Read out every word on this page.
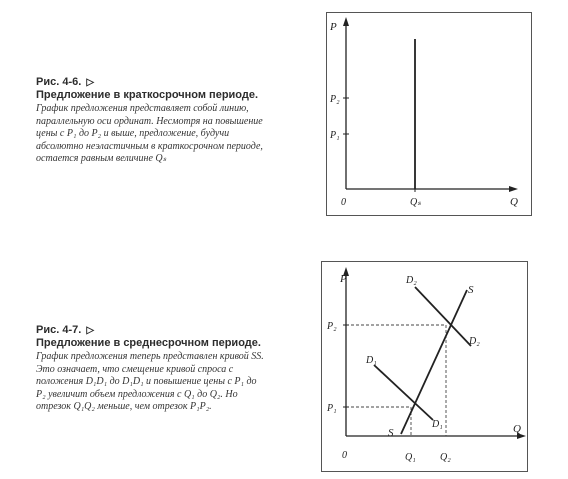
Рис. 4-6. ▷
Предложение в краткосрочном периоде.
График предложения представляет собой линию, параллельную оси ординат. Несмотря на повышение цены с P₁ до P₂ и выше, предложение, будучи абсолютно неэластичным в краткосрочном периоде, остается равным величине Qₛ
P
Q
0
P₂
P₁
Qₛ
Рис. 4-7. ▷
Предложение в среднесрочном периоде.
График предложения теперь представлен кривой SS. Это означает, что смещение кривой спроса с положения D₁D₁ до D₁D₁ и повышение цены с P₁ до P₂ увеличит объем предложения с Q₁ до Q₂. Но отрезок Q₁Q₂ меньше, чем отрезок P₁P₂.
P
Q
0
P₂
P₁
Q₁ Q₂
S
S
D₁
D₁
D₂
D₂
